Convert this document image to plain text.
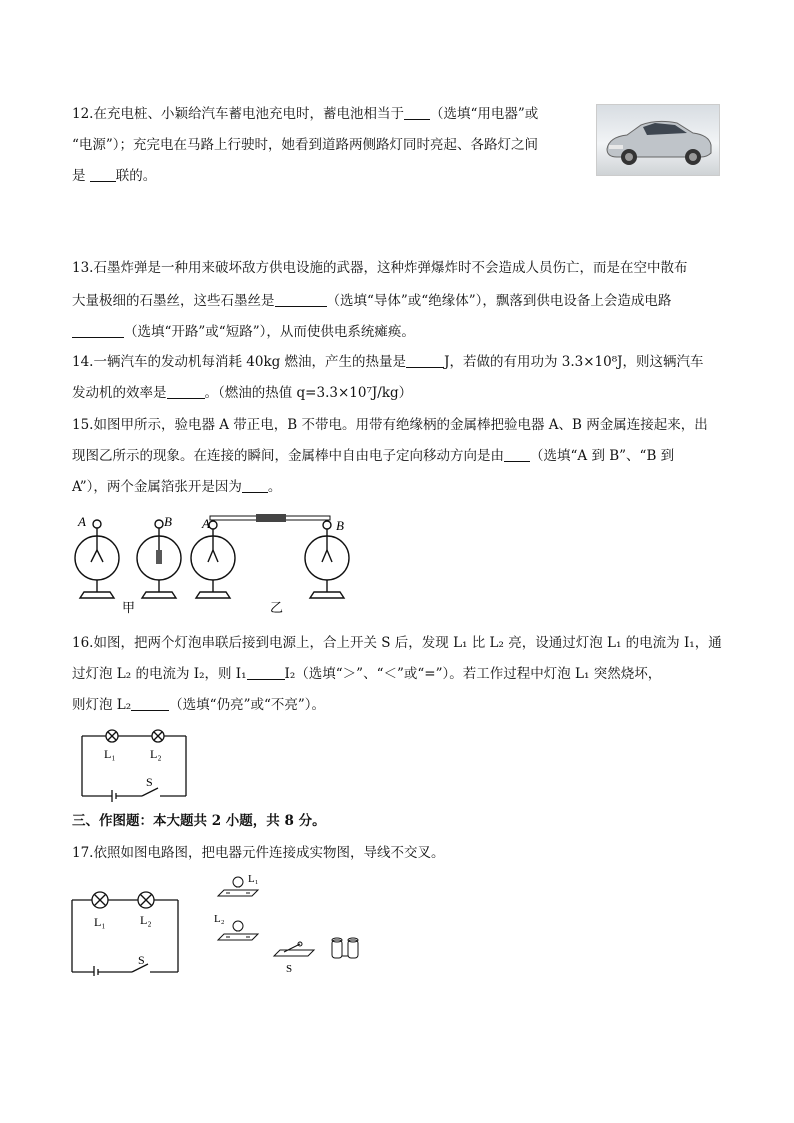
12.在充电桩、小颖给汽车蓄电池充电时，蓄电池相当于 （选填“用电器”或
“电源”）；充完电在马路上行驶时，她看到道路两侧路灯同时亮起、各路灯之间
是 联的。
13.石墨炸弹是一种用来破坏敌方供电设施的武器，这种炸弹爆炸时不会造成人员伤亡，而是在空中散布
大量极细的石墨丝，这些石墨丝是	（选填“导体”或“绝缘体”），飘落到供电设备上会造成电路
（选填“开路”或“短路”），从而使供电系统瘫痪。
14.一辆汽车的发动机每消耗 40kg 燃油，产生的热量是	J，若做的有用功为 3.3×10⁸J，则这辆汽车
发动机的效率是	。（燃油的热值 q=3.3×10⁷J/kg）
15.如图甲所示，验电器 A 带正电，B 不带电。用带有绝缘柄的金属棒把验电器 A、B 两金属连接起来，出
现图乙所示的现象。在连接的瞬间，金属棒中自由电子定向移动方向是由 （选填“A 到 B”、“B 到
A”），两个金属箔张开是因为 。
A	B A	B
甲	乙
16.如图，把两个灯泡串联后接到电源上，合上开关 S 后，发现 L₁ 比 L₂ 亮，设通过灯泡 L₁ 的电流为 I₁，通
过灯泡 L₂ 的电流为 I₂，则 I₁	I₂（选填“＞”、“＜”或“=”）。若工作过程中灯泡 L₁ 突然烧坏，
则灯泡 L₂	（选填“仍亮”或“不亮”）。
L₁	L₂
S
三、作图题：本大题共 2 小题，共 8 分。
17.依照如图电路图，把电器元件连接成实物图，导线不交叉。
L₁	L₂
S
L₁
L₂
S
